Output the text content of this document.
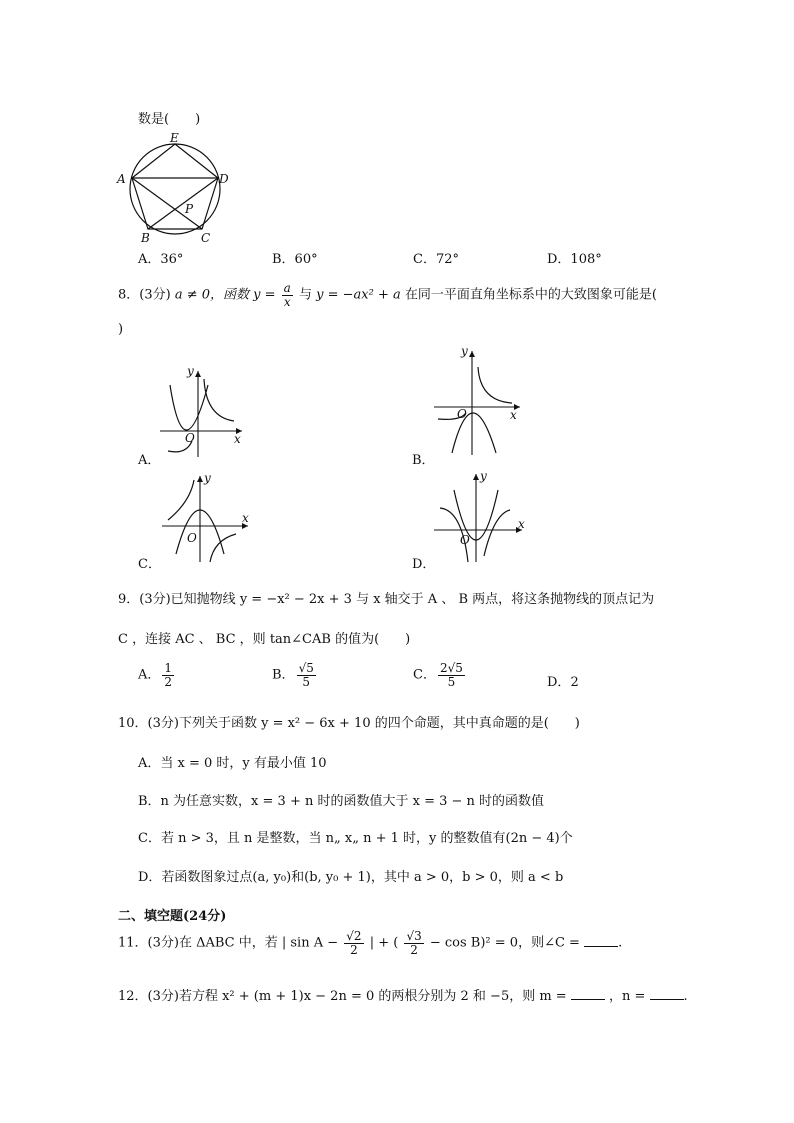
数是(　　)
E
A	D
P
B	C
A．36°	B．60°	C．72°	D．108°
8．(3分) a ≠ 0，函数 $y = \frac{a}{x}$ 与 y = −ax² + a 在同一平面直角坐标系中的大致图象可能是(
)
x
y
O
A．
x
y
O
B．
x
y
O
C．
x
y
O
D．
9．(3分)已知抛物线 y = −x² − 2x + 3 与 x 轴交于 A 、 B 两点，将这条抛物线的顶点记为
C ，连接 AC 、 BC ，则 tan∠CAB 的值为(　　)
A． $\frac{1}{2}$	B． $\frac{√5}{5}$	C． $\frac{2√5}{5}$	D．2
10．(3分)下列关于函数 y = x² − 6x + 10 的四个命题，其中真命题的是(　　)
A．当 x = 0 时，y 有最小值 10
B．n 为任意实数，x = 3 + n 时的函数值大于 x = 3 − n 时的函数值
C．若 n > 3，且 n 是整数，当 n„ x„ n + 1 时，y 的整数值有(2n − 4)个
D．若函数图象过点(a, y₀)和(b, y₀ + 1)，其中 a > 0，b > 0，则 a < b
二、填空题(24分)
11．(3分)在 ΔABC 中，若 | $\sin A - \frac{√2}{2}$ | + ( $\frac{√3}{2} - \cos B)^2 = 0$，则∠C =	.
12．(3分)若方程 x² + (m + 1)x − 2n = 0 的两根分别为 2 和 −5，则 m =	，n =	.
